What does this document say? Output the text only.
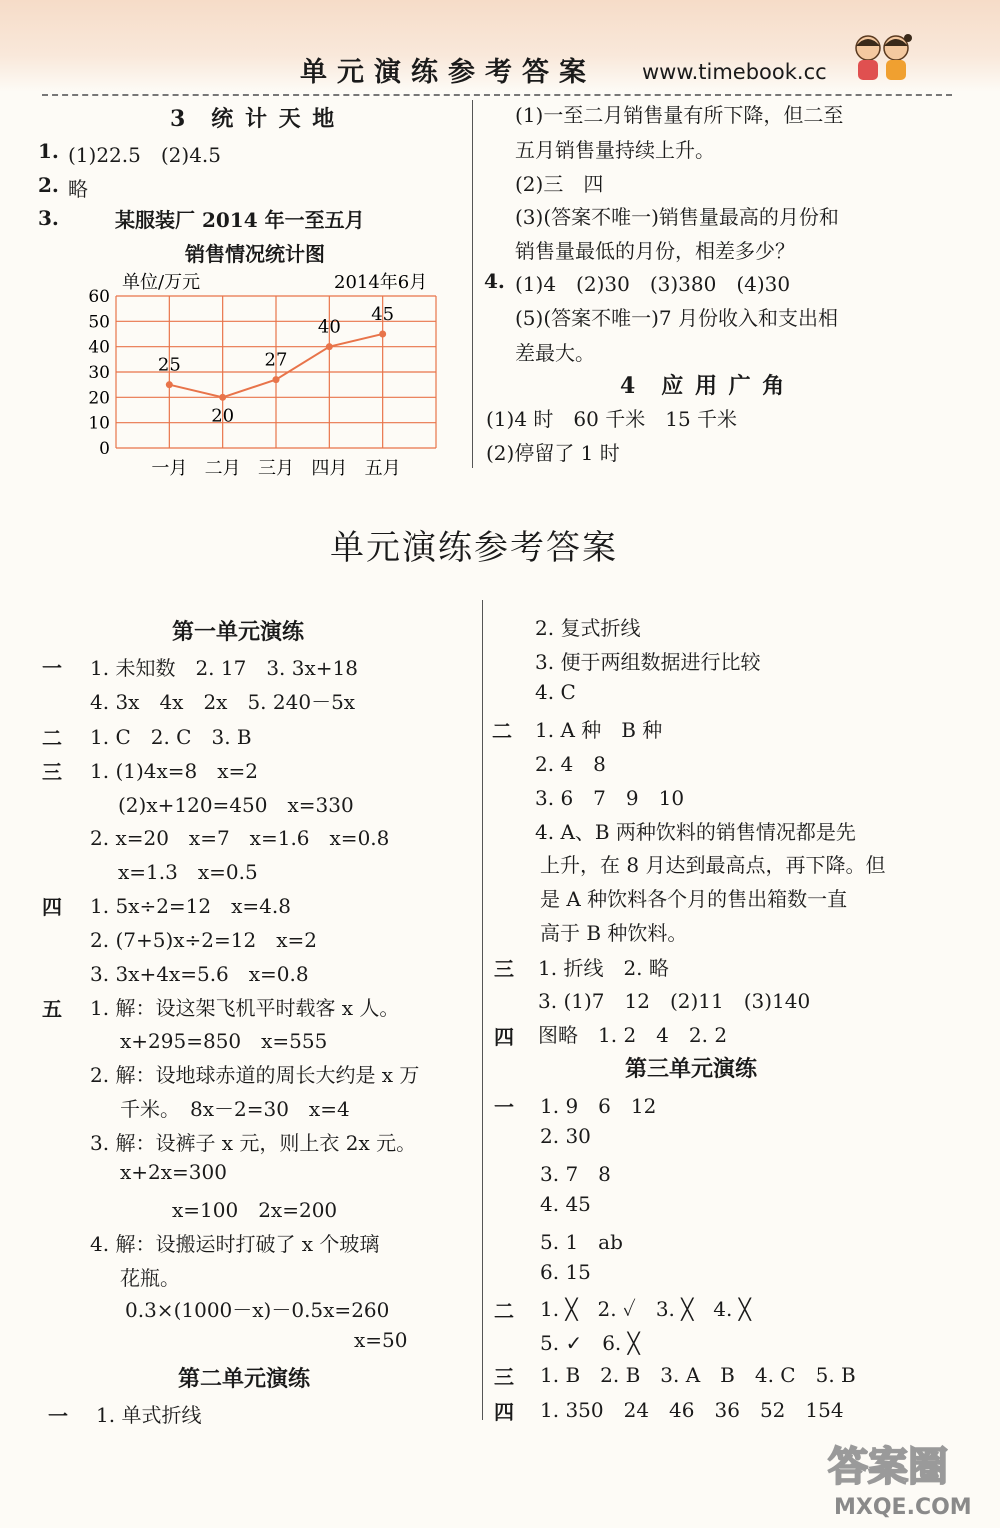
单元演练参考答案 www.timebook.cc
3　统 计 天 地
1. (1)22.5　(2)4.5
2. 略
3.	某服装厂 2014 年一至五月
销售情况统计图
60
50
40
30
20
10
0
一月 二月 三月 四月 五月
25
20
27
40
45
单位/万元	2014年6月
(1)一至二月销售量有所下降，但二至
五月销售量持续上升。
(2)三　四
(3)(答案不唯一)销售量最高的月份和
销售量最低的月份，相差多少？
4. (1)4　(2)30　(3)380　(4)30
(5)(答案不唯一)7 月份收入和支出相
差最大。
4　应 用 广 角
(1)4 时　60 千米　15 千米
(2)停留了 1 时
单元演练参考答案
第一单元演练
一 1. 未知数　2. 17　3. 3x+18
4. 3x　4x　2x　5. 240－5x
二 1. C　2. C　3. B
三 1. (1)4x=8　x=2
(2)x+120=450　x=330
2. x=20　x=7　x=1.6　x=0.8
x=1.3　x=0.5
四 1. 5x÷2=12　x=4.8
2. (7+5)x÷2=12　x=2
3. 3x+4x=5.6　x=0.8
五 1. 解：设这架飞机平时载客 x 人。
x+295=850　x=555
2. 解：设地球赤道的周长大约是 x 万
千米。　8x－2=30　x=4
3. 解：设裤子 x 元，则上衣 2x 元。
x+2x=300
x=100　2x=200
4. 解：设搬运时打破了 x 个玻璃
花瓶。
0.3×(1000－x)－0.5x=260
x=50
第二单元演练
一 1. 单式折线
2. 复式折线
3. 便于两组数据进行比较
4. C
二 1. A 种　B 种
2. 4　8
3. 6　7　9　10
4. A、B 两种饮料的销售情况都是先
上升，在 8 月达到最高点，再下降。但
是 A 种饮料各个月的售出箱数一直
高于 B 种饮料。
三 1. 折线　2. 略
3. (1)7　12　(2)11　(3)140
四 图略　1. 2　4　2. 2
第三单元演练
一 1. 9　6　12
2. 30
3. 7　8
4. 45
5. 1　ab
6. 15
二 1. ╳　2. ✓　3. ╳　4. ╳
5. ✓　6. ╳
三 1. B　2. B　3. A　B　4. C　5. B
四 1. 350　24　46　36　52　154
答案圈
MXQE.COM
